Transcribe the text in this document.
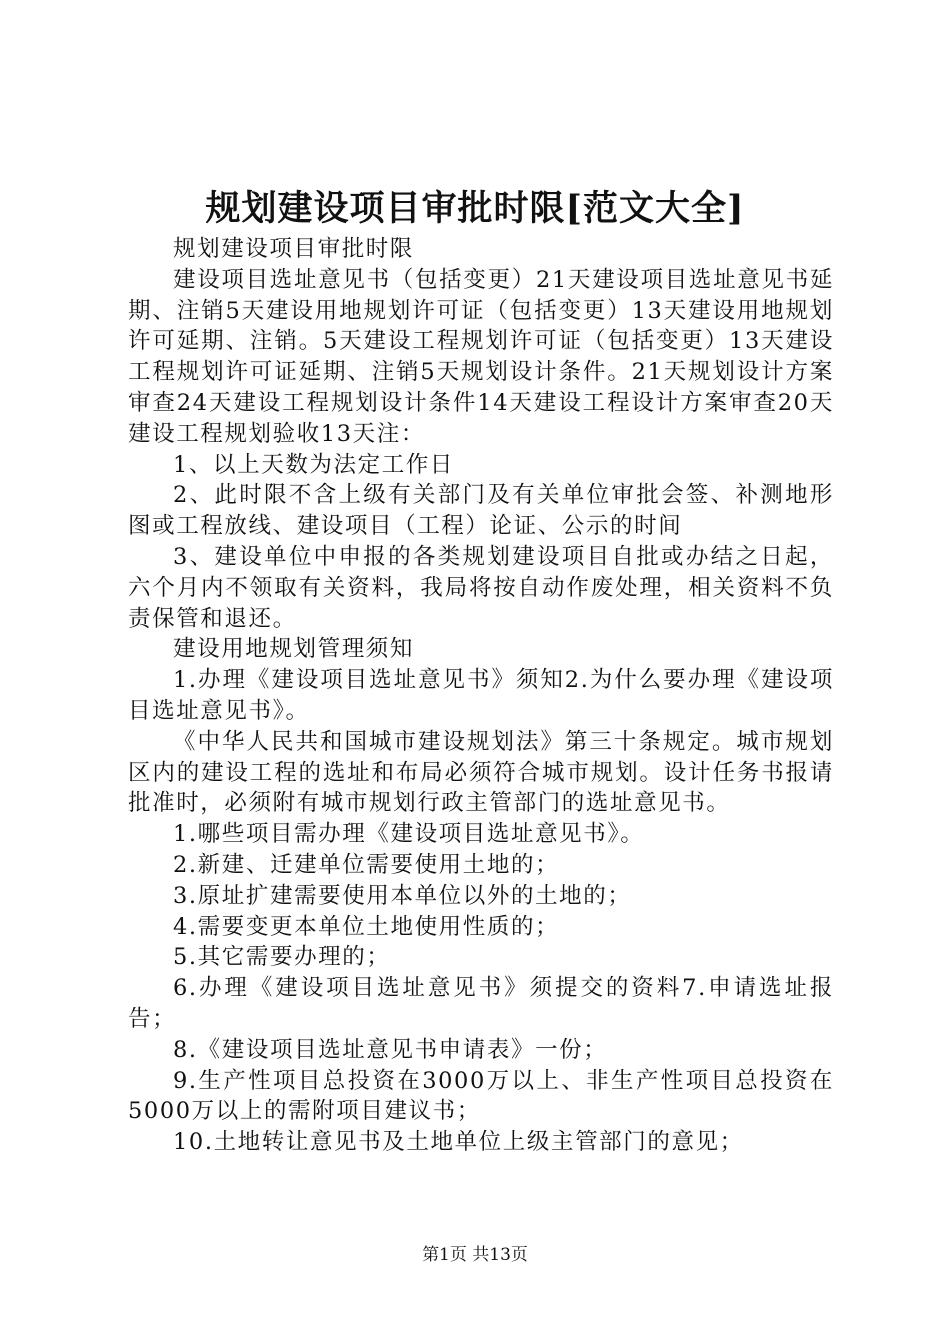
规划建设项目审批时限[范文大全]

规划建设项目审批时限

建设项目选址意见书（包括变更）21天建设项目选址意见书延期、注销5天建设用地规划许可证（包括变更）13天建设用地规划许可延期、注销。5天建设工程规划许可证（包括变更）13天建设工程规划许可证延期、注销5天规划设计条件。21天规划设计方案审查24天建设工程规划设计条件14天建设工程设计方案审查20天建设工程规划验收13天注：

1、以上天数为法定工作日

2、此时限不含上级有关部门及有关单位审批会签、补测地形图或工程放线、建设项目（工程）论证、公示的时间

3、建设单位中申报的各类规划建设项目自批或办结之日起，六个月内不领取有关资料，我局将按自动作废处理，相关资料不负责保管和退还。

建设用地规划管理须知

1.办理《建设项目选址意见书》须知2.为什么要办理《建设项目选址意见书》。

《中华人民共和国城市建设规划法》第三十条规定。城市规划区内的建设工程的选址和布局必须符合城市规划。设计任务书报请批准时，必须附有城市规划行政主管部门的选址意见书。

1.哪些项目需办理《建设项目选址意见书》。

2.新建、迁建单位需要使用土地的；

3.原址扩建需要使用本单位以外的土地的；

4.需要变更本单位土地使用性质的；

5.其它需要办理的；

6.办理《建设项目选址意见书》须提交的资料7.申请选址报告；

8.《建设项目选址意见书申请表》一份；

9.生产性项目总投资在3000万以上、非生产性项目总投资在5000万以上的需附项目建议书；

10.土地转让意见书及土地单位上级主管部门的意见；

第1页 共13页
